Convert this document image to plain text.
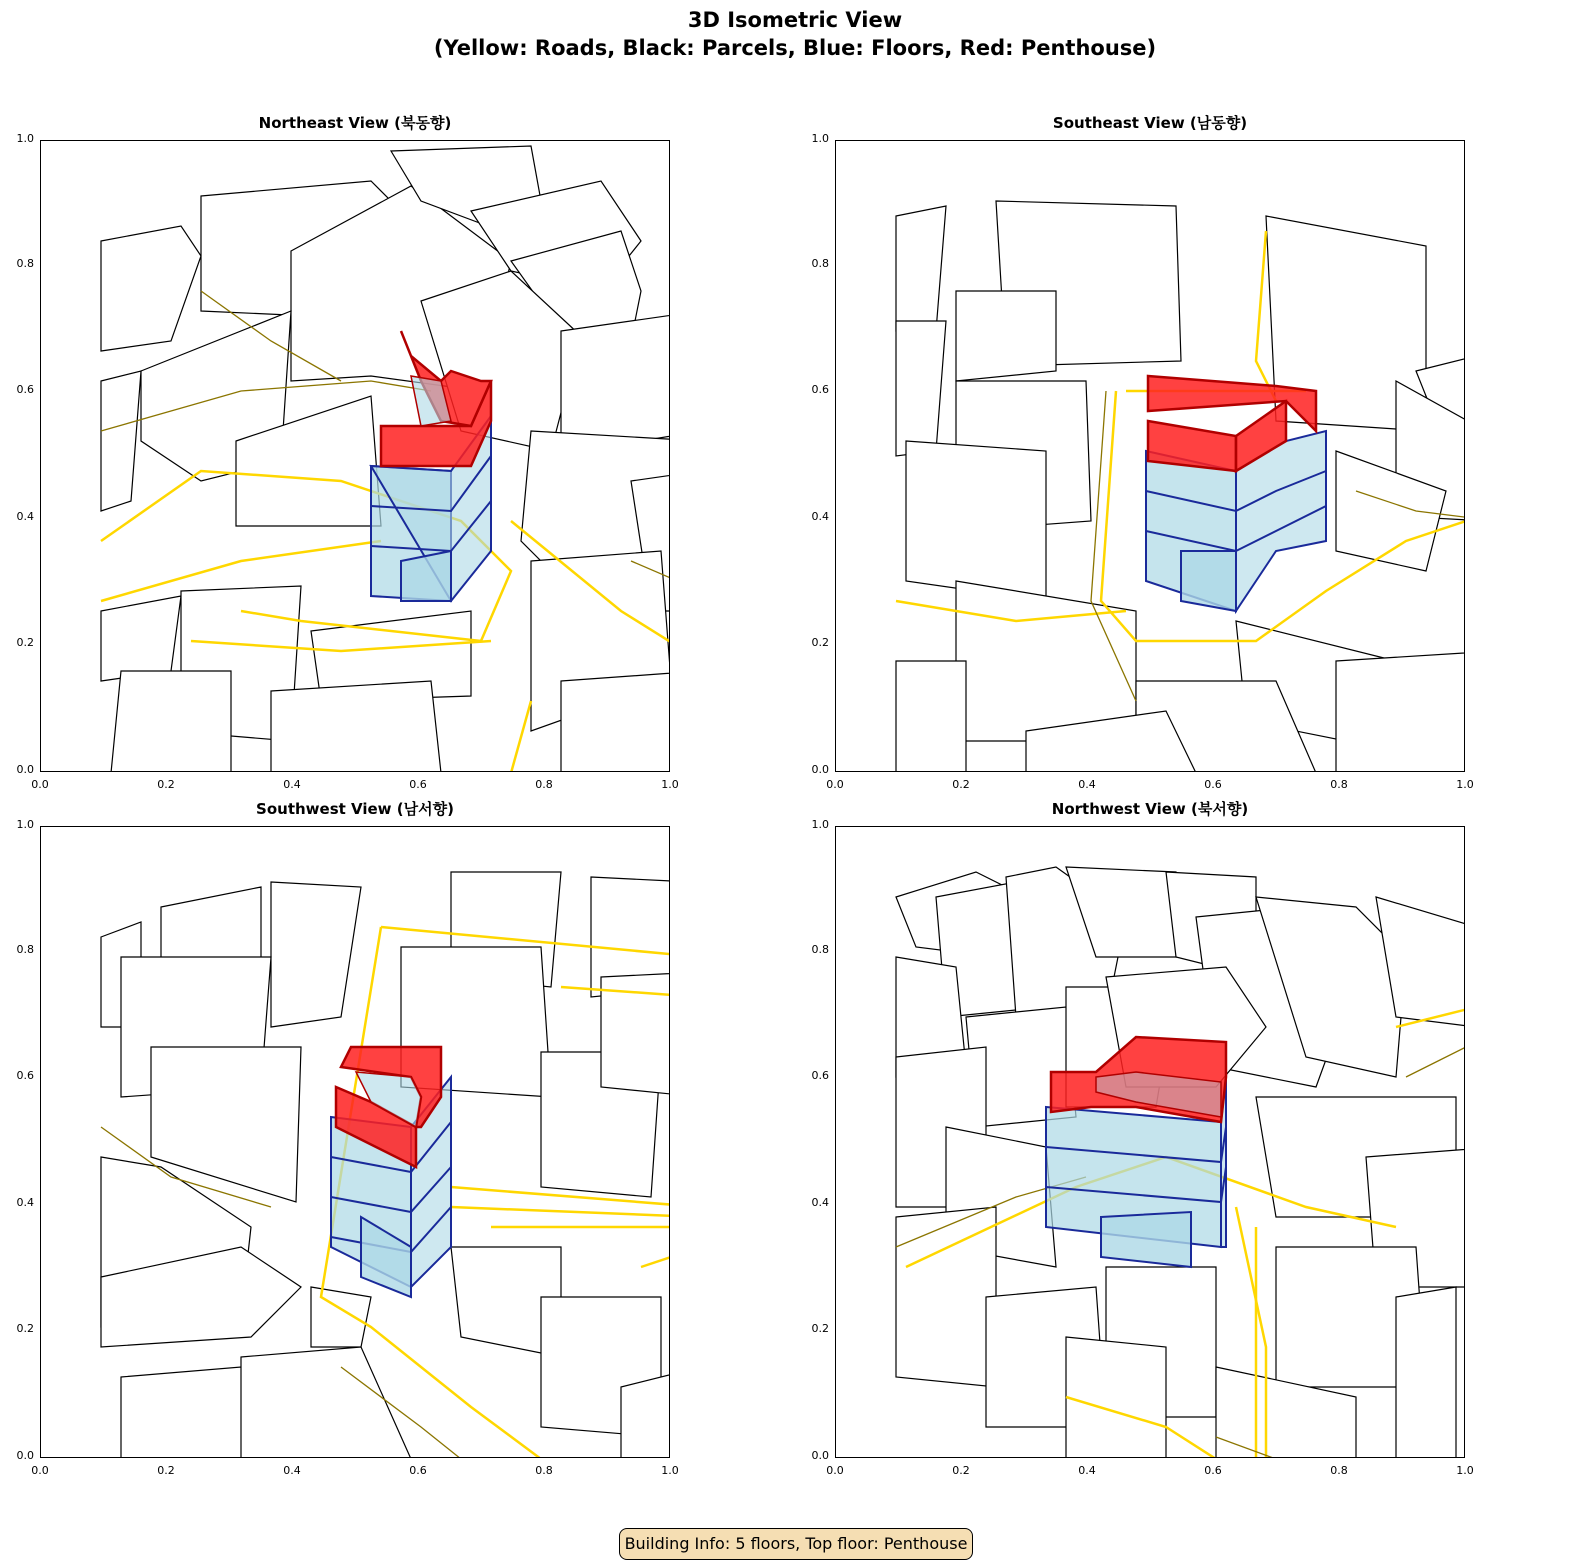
3D Isometric View
(Yellow: Roads, Black: Parcels, Blue: Floors, Red: Penthouse)
Northeast View (북동향)
1.0
0.8
0.6
0.4
0.2
0.0
0.0	0.2	0.4	0.6	0.8	1.0
Southeast View (남동향)
1.0
0.8
0.6
0.4
0.2
0.0
0.0	0.2	0.4	0.6	0.8	1.0
Southwest View (남서향)
1.0
0.8
0.6
0.4
0.2
0.0
0.0	0.2	0.4	0.6	0.8	1.0
Northwest View (북서향)
1.0
0.8
0.6
0.4
0.2
0.0
0.0	0.2	0.4	0.6	0.8	1.0
Building Info: 5 floors, Top floor: Penthouse
